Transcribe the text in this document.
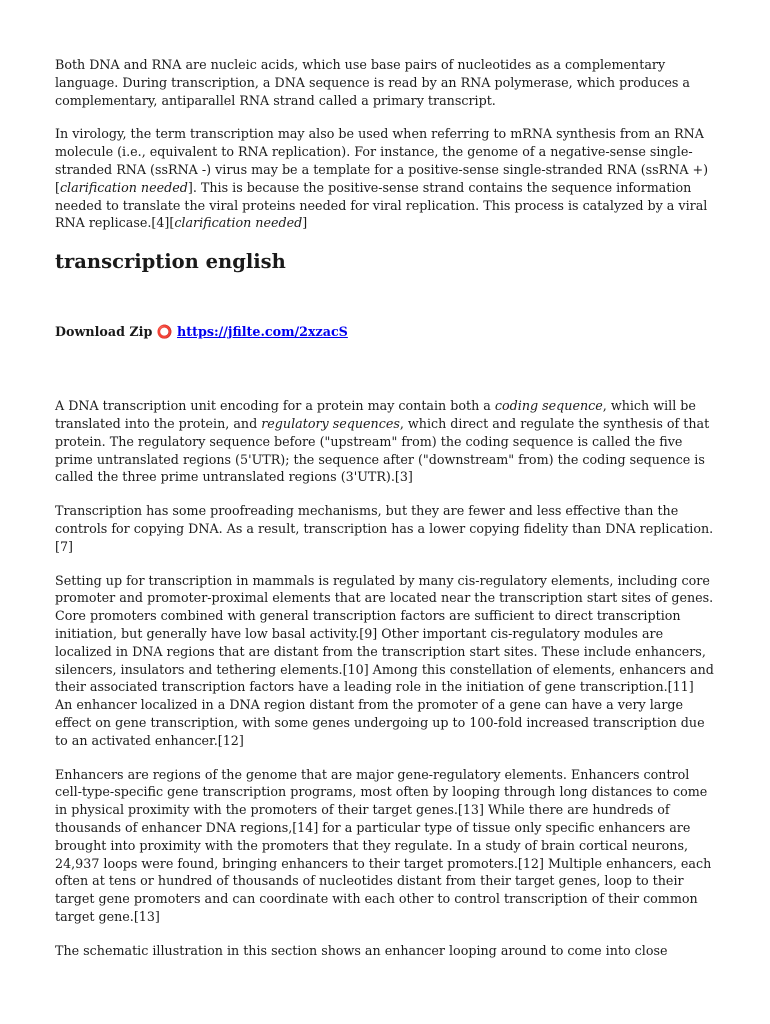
Both DNA and RNA are nucleic acids, which use base pairs of nucleotides as a complementary language. During transcription, a DNA sequence is read by an RNA polymerase, which produces a complementary, antiparallel RNA strand called a primary transcript.

In virology, the term transcription may also be used when referring to mRNA synthesis from an RNA molecule (i.e., equivalent to RNA replication). For instance, the genome of a negative-sense single-stranded RNA (ssRNA -) virus may be a template for a positive-sense single-stranded RNA (ssRNA +)[clarification needed]. This is because the positive-sense strand contains the sequence information needed to translate the viral proteins needed for viral replication. This process is catalyzed by a viral RNA replicase.[4][clarification needed]

transcription english

Download Zip ⭕ https://jfilte.com/2xzacS

A DNA transcription unit encoding for a protein may contain both a coding sequence, which will be translated into the protein, and regulatory sequences, which direct and regulate the synthesis of that protein. The regulatory sequence before ("upstream" from) the coding sequence is called the five prime untranslated regions (5'UTR); the sequence after ("downstream" from) the coding sequence is called the three prime untranslated regions (3'UTR).[3]

Transcription has some proofreading mechanisms, but they are fewer and less effective than the controls for copying DNA. As a result, transcription has a lower copying fidelity than DNA replication.[7]

Setting up for transcription in mammals is regulated by many cis-regulatory elements, including core promoter and promoter-proximal elements that are located near the transcription start sites of genes. Core promoters combined with general transcription factors are sufficient to direct transcription initiation, but generally have low basal activity.[9] Other important cis-regulatory modules are localized in DNA regions that are distant from the transcription start sites. These include enhancers, silencers, insulators and tethering elements.[10] Among this constellation of elements, enhancers and their associated transcription factors have a leading role in the initiation of gene transcription.[11] An enhancer localized in a DNA region distant from the promoter of a gene can have a very large effect on gene transcription, with some genes undergoing up to 100-fold increased transcription due to an activated enhancer.[12]

Enhancers are regions of the genome that are major gene-regulatory elements. Enhancers control cell-type-specific gene transcription programs, most often by looping through long distances to come in physical proximity with the promoters of their target genes.[13] While there are hundreds of thousands of enhancer DNA regions,[14] for a particular type of tissue only specific enhancers are brought into proximity with the promoters that they regulate. In a study of brain cortical neurons, 24,937 loops were found, bringing enhancers to their target promoters.[12] Multiple enhancers, each often at tens or hundred of thousands of nucleotides distant from their target genes, loop to their target gene promoters and can coordinate with each other to control transcription of their common target gene.[13]

The schematic illustration in this section shows an enhancer looping around to come into close
